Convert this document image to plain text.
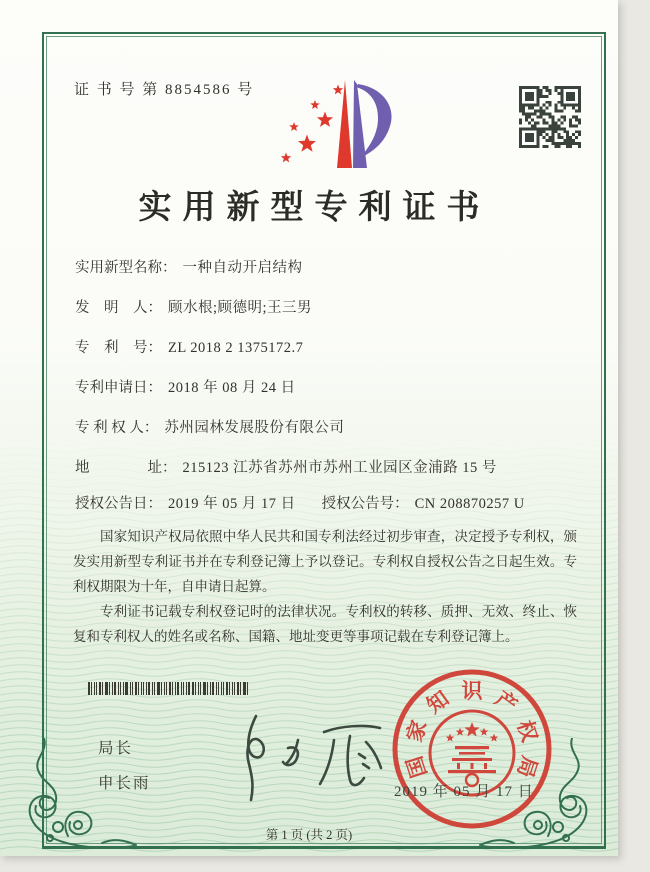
证 书 号 第 8854586 号
实用新型专利证书
实用新型名称： 一种自动开启结构
发　明　人： 顾水根;顾德明;王三男
专　利　号： ZL 2018 2 1375172.7
专利申请日： 2018 年 08 月 24 日
专 利 权 人： 苏州园林发展股份有限公司
地　　　　址： 215123 江苏省苏州市苏州工业园区金浦路 15 号
授权公告日： 2019 年 05 月 17 日 授权公告号： CN 208870257 U

国家知识产权局依照中华人民共和国专利法经过初步审查，决定授予专利权，颁发实用新型专利证书并在专利登记簿上予以登记。专利权自授权公告之日起生效。专利权期限为十年，自申请日起算。

专利证书记载专利权登记时的法律状况。专利权的转移、质押、无效、终止、恢复和专利权人的姓名或名称、国籍、地址变更等事项记载在专利登记簿上。

局长
申长雨
国
家
知 识 产
权
局
2019 年 05 月 17 日
第 1 页 (共 2 页)
